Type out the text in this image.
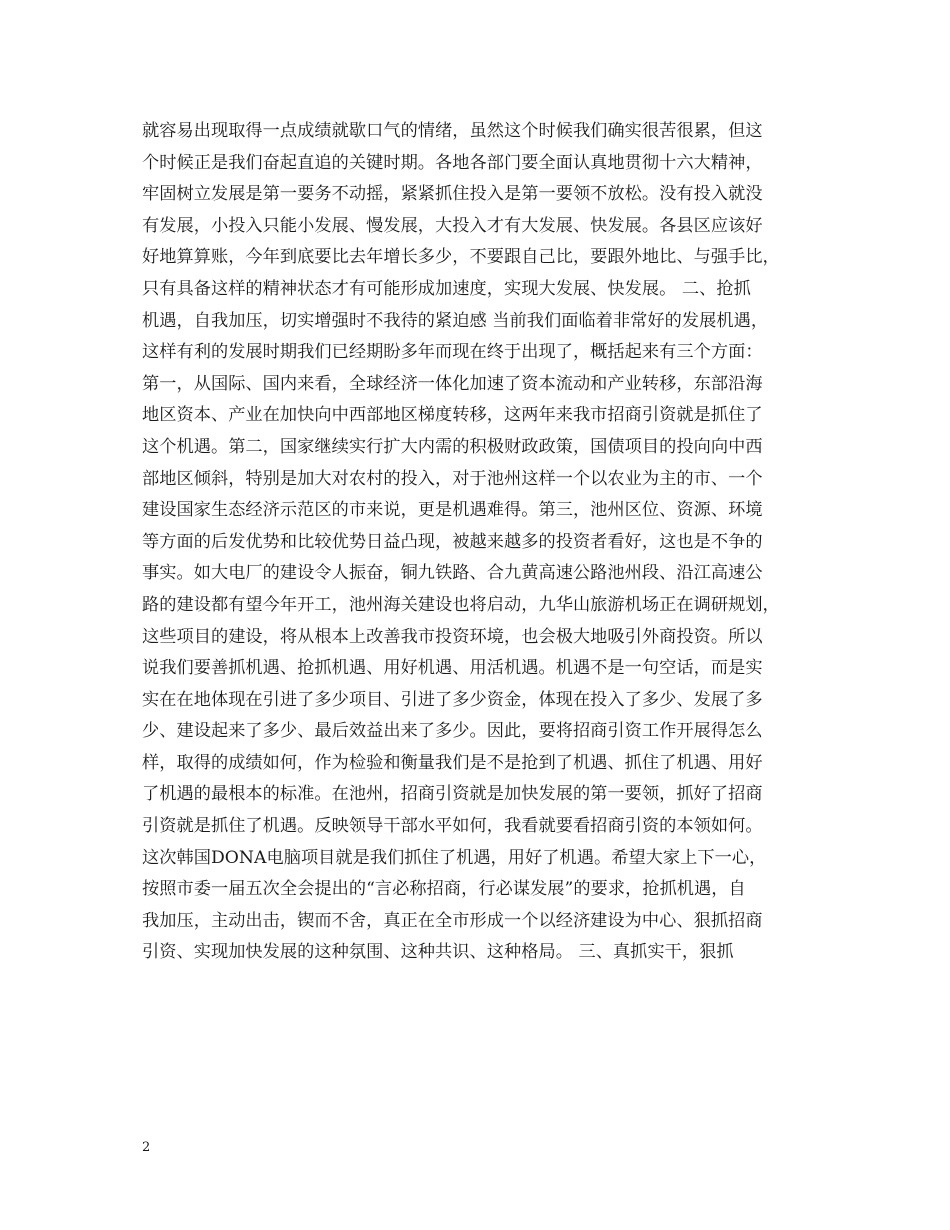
就容易出现取得一点成绩就歇口气的情绪，虽然这个时候我们确实很苦很累，但这
个时候正是我们奋起直追的关键时期。各地各部门要全面认真地贯彻十六大精神，
牢固树立发展是第一要务不动摇，紧紧抓住投入是第一要领不放松。没有投入就没
有发展，小投入只能小发展、慢发展，大投入才有大发展、快发展。各县区应该好
好地算算账，今年到底要比去年增长多少，不要跟自己比，要跟外地比、与强手比，
只有具备这样的精神状态才有可能形成加速度，实现大发展、快发展。 二、抢抓
机遇，自我加压，切实增强时不我待的紧迫感 当前我们面临着非常好的发展机遇，
这样有利的发展时期我们已经期盼多年而现在终于出现了，概括起来有三个方面：
第一，从国际、国内来看，全球经济一体化加速了资本流动和产业转移，东部沿海
地区资本、产业在加快向中西部地区梯度转移，这两年来我市招商引资就是抓住了
这个机遇。第二，国家继续实行扩大内需的积极财政政策，国债项目的投向向中西
部地区倾斜，特别是加大对农村的投入，对于池州这样一个以农业为主的市、一个
建设国家生态经济示范区的市来说，更是机遇难得。第三，池州区位、资源、环境
等方面的后发优势和比较优势日益凸现，被越来越多的投资者看好，这也是不争的
事实。如大电厂的建设令人振奋，铜九铁路、合九黄高速公路池州段、沿江高速公
路的建设都有望今年开工，池州海关建设也将启动，九华山旅游机场正在调研规划，
这些项目的建设，将从根本上改善我市投资环境，也会极大地吸引外商投资。所以
说我们要善抓机遇、抢抓机遇、用好机遇、用活机遇。机遇不是一句空话，而是实
实在在地体现在引进了多少项目、引进了多少资金，体现在投入了多少、发展了多
少、建设起来了多少、最后效益出来了多少。因此，要将招商引资工作开展得怎么
样，取得的成绩如何，作为检验和衡量我们是不是抢到了机遇、抓住了机遇、用好
了机遇的最根本的标准。在池州，招商引资就是加快发展的第一要领，抓好了招商
引资就是抓住了机遇。反映领导干部水平如何，我看就要看招商引资的本领如何。
这次韩国DONA电脑项目就是我们抓住了机遇，用好了机遇。希望大家上下一心，
按照市委一届五次全会提出的“言必称招商，行必谋发展”的要求，抢抓机遇，自
我加压，主动出击，锲而不舍，真正在全市形成一个以经济建设为中心、狠抓招商
引资、实现加快发展的这种氛围、这种共识、这种格局。 三、真抓实干，狠抓
2
